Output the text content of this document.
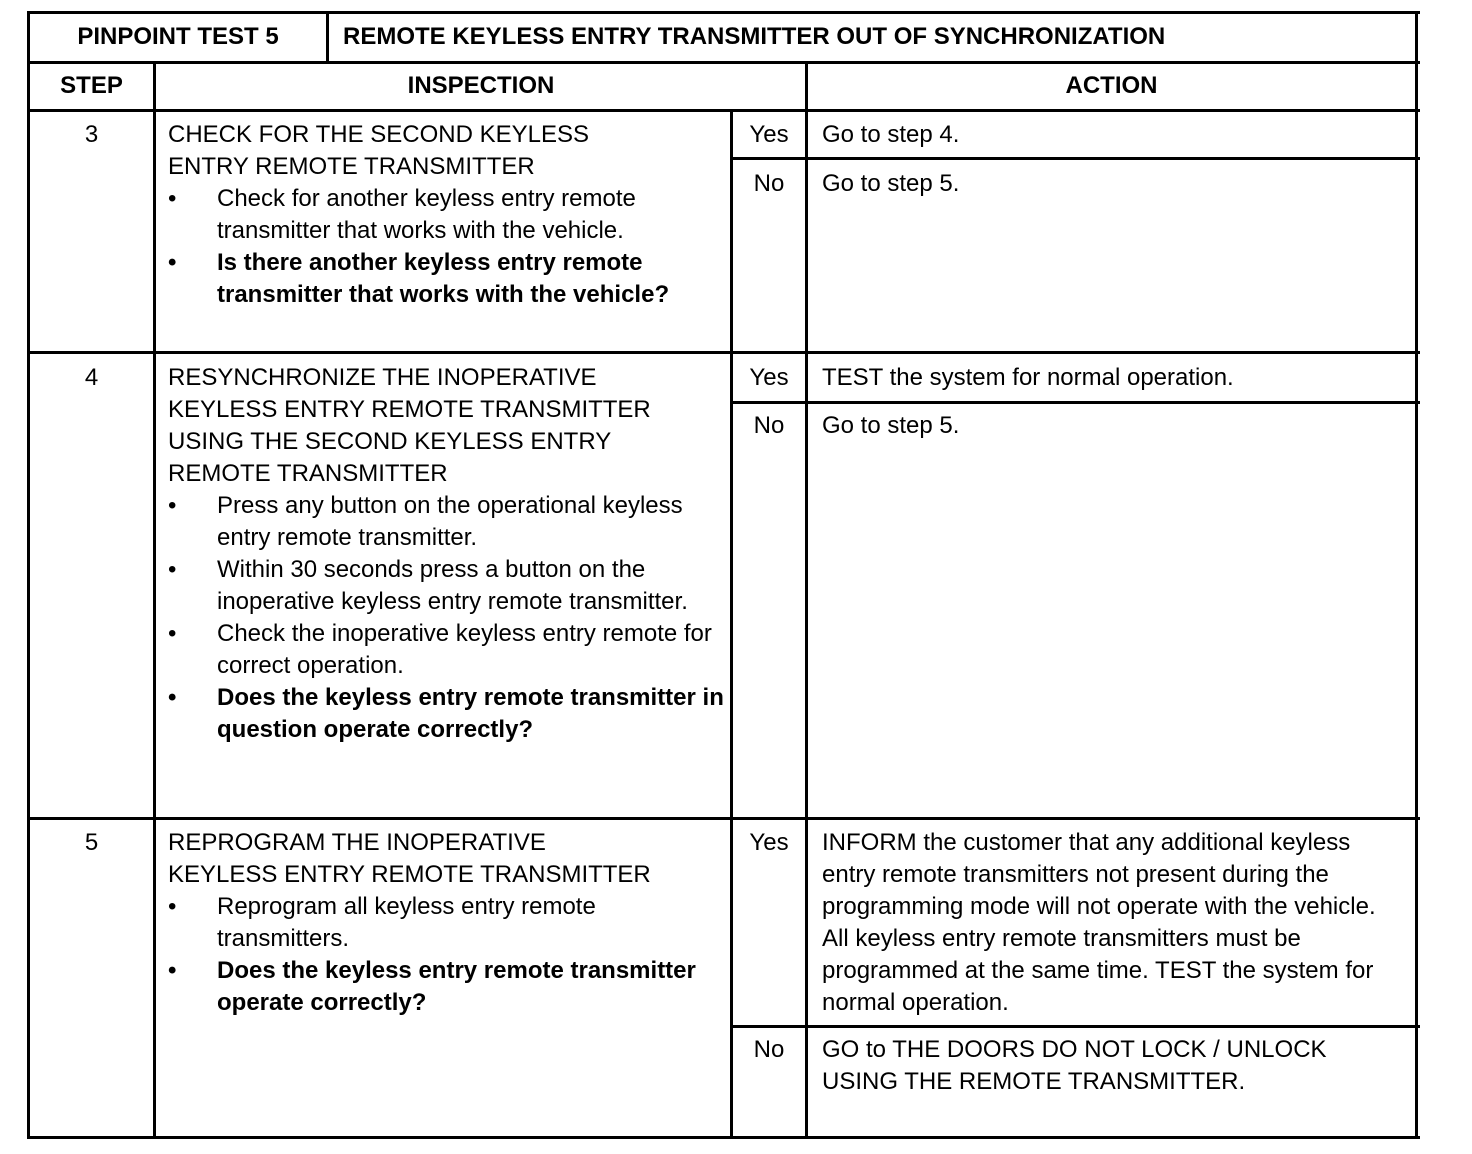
PINPOINT TEST 5	REMOTE KEYLESS ENTRY TRANSMITTER OUT OF SYNCHRONIZATION
STEP	INSPECTION	ACTION
3	CHECK FOR THE SECOND KEYLESS
ENTRY REMOTE TRANSMITTER
• Check for another keyless entry remote transmitter that works with the vehicle.
• Is there another keyless entry remote transmitter that works with the vehicle?
Yes	Go to step 4.
No	Go to step 5.
4	RESYNCHRONIZE THE INOPERATIVE
KEYLESS ENTRY REMOTE TRANSMITTER
USING THE SECOND KEYLESS ENTRY
REMOTE TRANSMITTER
• Press any button on the operational keyless entry remote transmitter.
• Within 30 seconds press a button on the inoperative keyless entry remote transmitter.
• Check the inoperative keyless entry remote for correct operation.
• Does the keyless entry remote transmitter in question operate correctly?
Yes	TEST the system for normal operation.
No	Go to step 5.
5	REPROGRAM THE INOPERATIVE
KEYLESS ENTRY REMOTE TRANSMITTER
• Reprogram all keyless entry remote transmitters.
• Does the keyless entry remote transmitter operate correctly?
Yes	INFORM the customer that any additional keyless entry remote transmitters not present during the programming mode will not operate with the vehicle. All keyless entry remote transmitters must be programmed at the same time. TEST the system for normal operation.
No	GO to THE DOORS DO NOT LOCK / UNLOCK USING THE REMOTE TRANSMITTER.
